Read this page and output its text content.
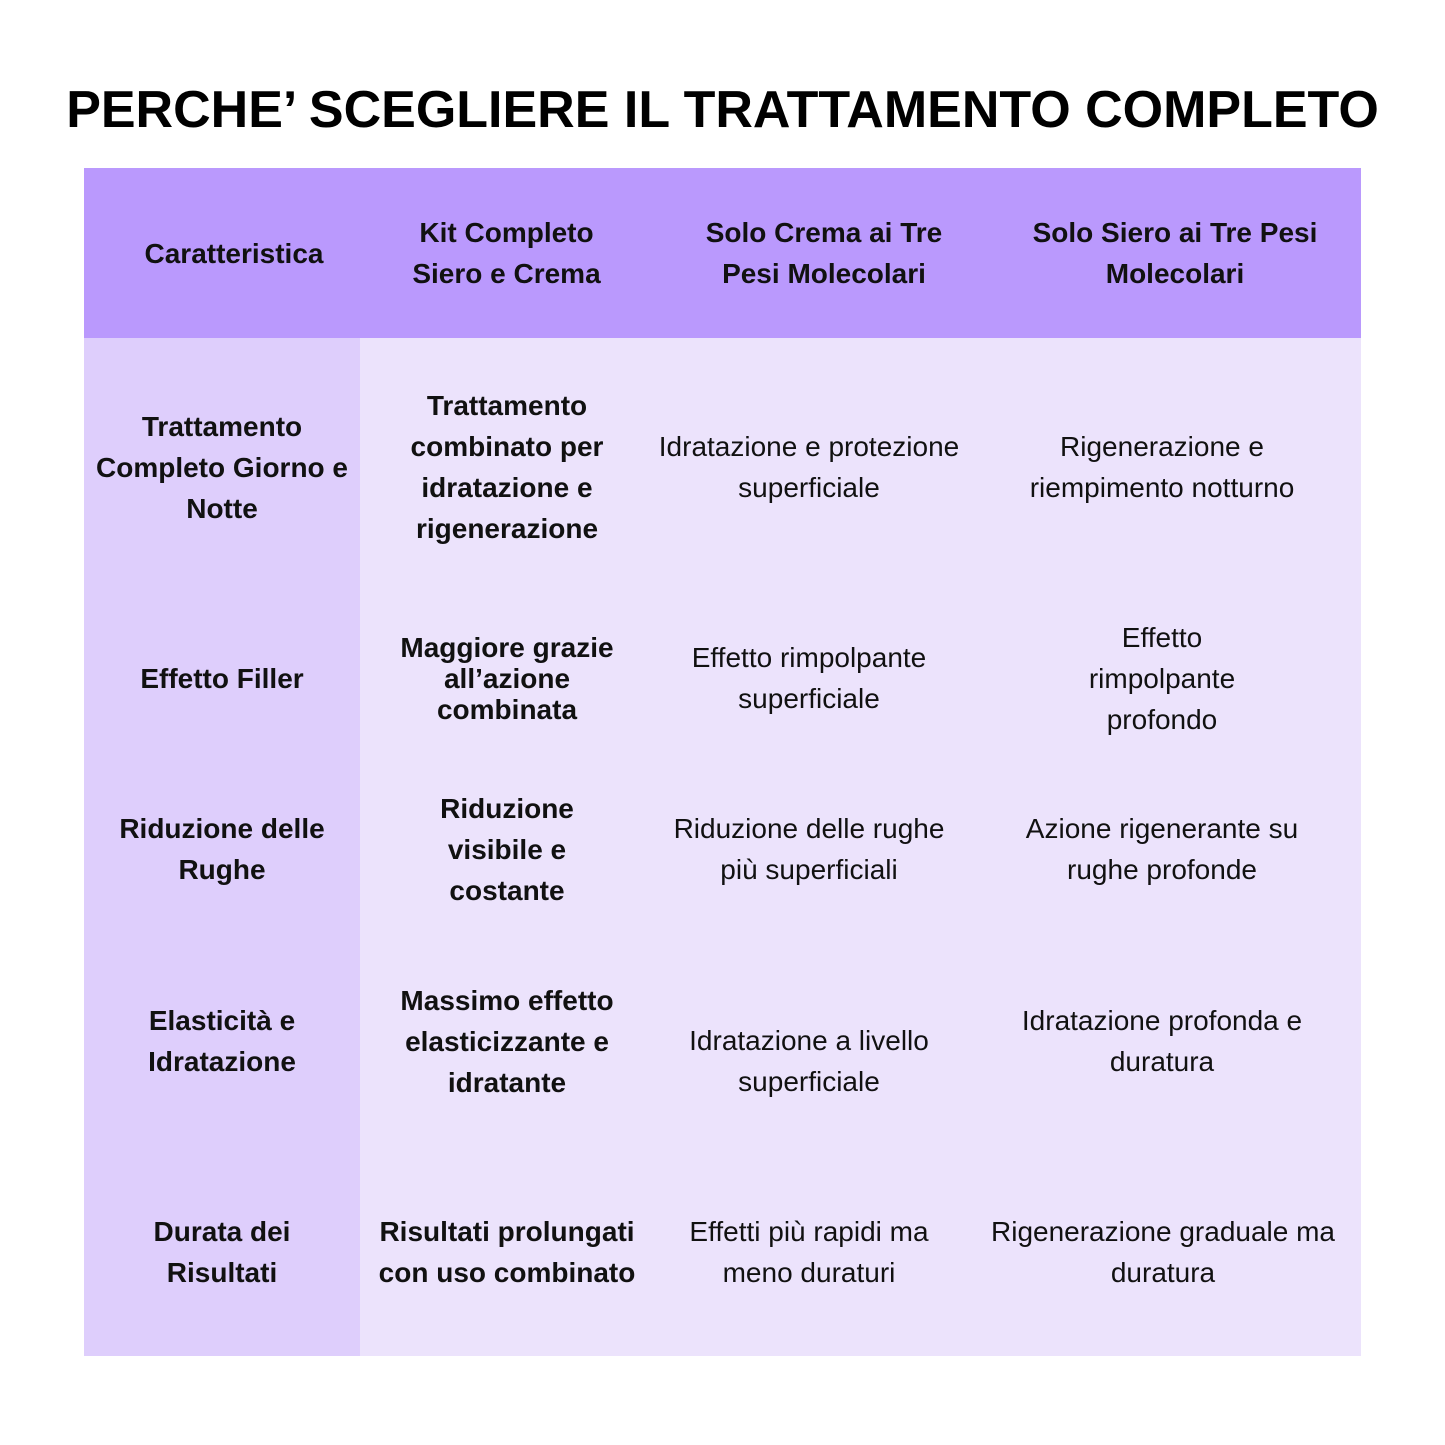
PERCHE’ SCEGLIERE IL TRATTAMENTO COMPLETO
Caratteristica
Kit Completo Siero e Crema
Solo Crema ai Tre Pesi Molecolari
Solo Siero ai Tre Pesi Molecolari
Trattamento Completo Giorno e Notte
Trattamento combinato per idratazione e rigenerazione
Idratazione e protezione superficiale
Rigenerazione e riempimento notturno
Effetto Filler
Maggiore grazie all’azione combinata
Effetto rimpolpante superficiale
Effetto rimpolpante profondo
Riduzione delle Rughe
Riduzione visibile e costante
Riduzione delle rughe più superficiali
Azione rigenerante su rughe profonde
Elasticità e Idratazione
Massimo effetto elasticizzante e idratante
Idratazione a livello superficiale
Idratazione profonda e duratura
Durata dei Risultati
Risultati prolungati con uso combinato
Effetti più rapidi ma meno duraturi
Rigenerazione graduale ma duratura
